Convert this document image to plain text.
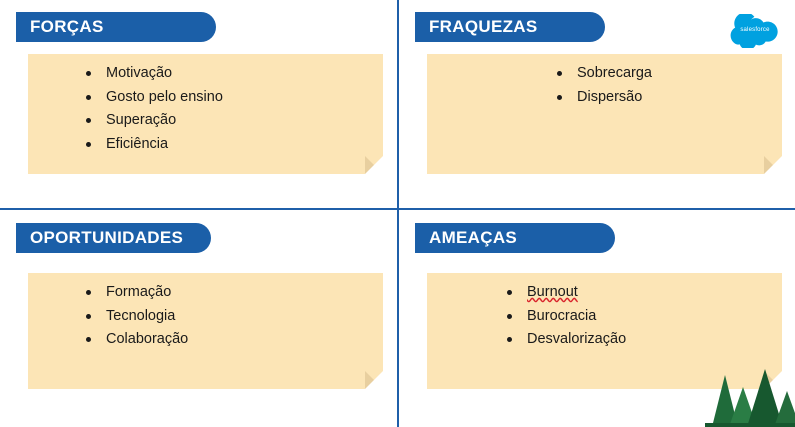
FORÇAS
Motivação
Gosto pelo ensino
Superação
Eficiência
FRAQUEZAS
Sobrecarga
Dispersão
OPORTUNIDADES
Formação
Tecnologia
Colaboração
AMEAÇAS
Burnout
Burocracia
Desvalorização
salesforce
